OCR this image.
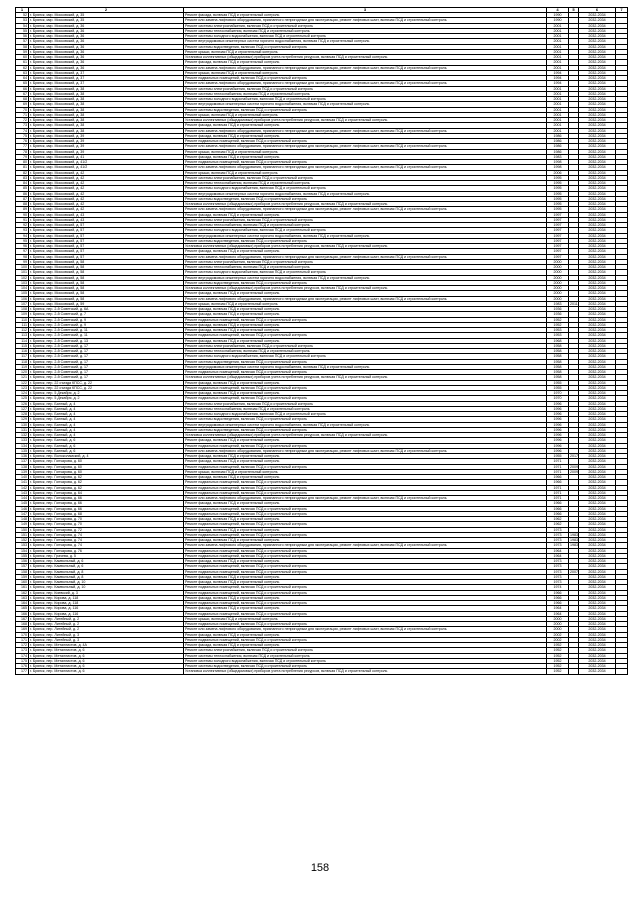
1	2	3	4	5	6	7
52	г. Брянск, мкр. Московский, д. 35	Ремонт фасада, включая ПСД и строительный контроль	1990		2032-2034	
53	г. Брянск, мкр. Московский, д. 35	Ремонт или замена лифтового оборудования, признанного непригодным для эксплуатации, ремонт лифтовых шахт, включая ПСД и строительный контроль	1990		2032-2034	
54	г. Брянск, мкр. Московский, д. 36	Ремонт системы электроснабжения, включая ПСД и строительный контроль	2001		2032-2034	
55	г. Брянск, мкр. Московский, д. 36	Ремонт системы теплоснабжения, включая ПСД и строительный контроль	2001		2032-2034	
56	г. Брянск, мкр. Московский, д. 36	Ремонт системы холодного водоснабжения, включая ПСД и строительный контроль	2001		2032-2034	
57	г. Брянск, мкр. Московский, д. 36	Ремонт внутридомовых инженерных систем горячего водоснабжения, включая ПСД и строительный контроль	2001		2032-2034	
58	г. Брянск, мкр. Московский, д. 36	Ремонт системы водоотведения, включая ПСД и строительный контроль	2001		2032-2034	
59	г. Брянск, мкр. Московский, д. 36	Ремонт крыши, включая ПСД и строительный контроль	2001		2032-2034	
60	г. Брянск, мкр. Московский, д. 36	Установка коллективных (общедомовых) приборов учета потребления ресурсов, включая ПСД и строительный контроль	2001		2032-2034	
61	г. Брянск, мкр. Московский, д. 36	Ремонт фасада, включая ПСД и строительный контроль	2001		2032-2034	
62	г. Брянск, мкр. Московский, д. 36	Ремонт или замена лифтового оборудования, признанного непригодным для эксплуатации, ремонт лифтовых шахт, включая ПСД и строительный контроль	2001		2032-2034	
63	г. Брянск, мкр. Московский, д. 37	Ремонт крыши, включая ПСД и строительный контроль	1994		2032-2034	
64	г. Брянск, мкр. Московский, д. 37	Ремонт подвальных помещений, включая ПСД и строительный контроль	1994		2032-2034	
65	г. Брянск, мкр. Московский, д. 37	Ремонт или замена лифтового оборудования, признанного непригодным для эксплуатации, ремонт лифтовых шахт, включая ПСД и строительный контроль	1994		2032-2034	
66	г. Брянск, мкр. Московский, д. 38	Ремонт системы электроснабжения, включая ПСД и строительный контроль	2001		2032-2034	
67	г. Брянск, мкр. Московский, д. 38	Ремонт системы теплоснабжения, включая ПСД и строительный контроль	2001		2032-2034	
68	г. Брянск, мкр. Московский, д. 38	Ремонт системы холодного водоснабжения, включая ПСД и строительный контроль	2001		2032-2034	
69	г. Брянск, мкр. Московский, д. 38	Ремонт внутридомовых инженерных систем горячего водоснабжения, включая ПСД и строительный контроль	2001		2032-2034	
70	г. Брянск, мкр. Московский, д. 38	Ремонт системы водоотведения, включая ПСД и строительный контроль	2001		2032-2034	
71	г. Брянск, мкр. Московский, д. 38	Ремонт крыши, включая ПСД и строительный контроль	2001		2032-2034	
72	г. Брянск, мкр. Московский, д. 38	Установка коллективных (общедомовых) приборов учета потребления ресурсов, включая ПСД и строительный контроль	2001		2032-2034	
73	г. Брянск, мкр. Московский, д. 38	Ремонт фасада, включая ПСД и строительный контроль	2001		2032-2034	
74	г. Брянск, мкр. Московский, д. 38	Ремонт или замена лифтового оборудования, признанного непригодным для эксплуатации, ремонт лифтовых шахт, включая ПСД и строительный контроль	2001		2032-2034	
75	г. Брянск, мкр. Московский, д. 39	Ремонт фасада, включая ПСД и строительный контроль	1986		2032-2034	
76	г. Брянск, мкр. Московский, д. 39	Ремонт подвальных помещений, включая ПСД и строительный контроль	1986		2032-2034	
77	г. Брянск, мкр. Московский, д. 39	Ремонт или замена лифтового оборудования, признанного непригодным для эксплуатации, ремонт лифтовых шахт, включая ПСД и строительный контроль	1986		2032-2034	
78	г. Брянск, мкр. Московский, д. 39	Ремонт крыши, включая ПСД и строительный контроль	1986		2032-2034	
79	г. Брянск, мкр. Московский, д. 41	Ремонт фасада, включая ПСД и строительный контроль	1983		2032-2034	
80	г. Брянск, мкр. Московский, д. 41/2	Ремонт подвальных помещений, включая ПСД и строительный контроль	1998		2032-2034	
81	г. Брянск, мкр. Московский, д. 41/2	Ремонт или замена лифтового оборудования, признанного непригодным для эксплуатации, ремонт лифтовых шахт, включая ПСД и строительный контроль	1998		2032-2034	
82	г. Брянск, мкр. Московский, д. 42	Ремонт крыши, включая ПСД и строительный контроль	2006		2032-2034	
83	г. Брянск, мкр. Московский, д. 42	Ремонт системы электроснабжения, включая ПСД и строительный контроль	1995		2032-2034	
84	г. Брянск, мкр. Московский, д. 42	Ремонт системы теплоснабжения, включая ПСД и строительный контроль	1995		2032-2034	
85	г. Брянск, мкр. Московский, д. 42	Ремонт системы холодного водоснабжения, включая ПСД и строительный контроль	1995		2032-2034	
86	г. Брянск, мкр. Московский, д. 42	Ремонт внутридомовых инженерных систем горячего водоснабжения, включая ПСД и строительный контроль	1995		2032-2034	
87	г. Брянск, мкр. Московский, д. 42	Ремонт системы водоотведения, включая ПСД и строительный контроль	1995		2032-2034	
88	г. Брянск, мкр. Московский, д. 42	Установка коллективных (общедомовых) приборов учета потребления ресурсов, включая ПСД и строительный контроль	1995		2032-2034	
89	г. Брянск, мкр. Московский, д. 42	Ремонт или замена лифтового оборудования, признанного непригодным для эксплуатации, ремонт лифтовых шахт, включая ПСД и строительный контроль	1995		2032-2034	
90	г. Брянск, мкр. Московский, д. 43	Ремонт фасада, включая ПСД и строительный контроль	1997		2032-2034	
91	г. Брянск, мкр. Московский, д. 43	Ремонт системы электроснабжения, включая ПСД и строительный контроль	1997		2032-2034	
92	г. Брянск, мкр. Московский, д. 57	Ремонт системы теплоснабжения, включая ПСД и строительный контроль	1997		2032-2034	
93	г. Брянск, мкр. Московский, д. 57	Ремонт системы холодного водоснабжения, включая ПСД и строительный контроль	1997		2032-2034	
94	г. Брянск, мкр. Московский, д. 57	Ремонт внутридомовых инженерных систем горячего водоснабжения, включая ПСД и строительный контроль	1997		2032-2034	
95	г. Брянск, мкр. Московский, д. 57	Ремонт системы водоотведения, включая ПСД и строительный контроль	1997		2032-2034	
96	г. Брянск, мкр. Московский, д. 57	Установка коллективных (общедомовых) приборов учета потребления ресурсов, включая ПСД и строительный контроль	1997		2032-2034	
97	г. Брянск, мкр. Московский, д. 57	Ремонт фасада, включая ПСД и строительный контроль	1997		2032-2034	
98	г. Брянск, мкр. Московский, д. 57	Ремонт или замена лифтового оборудования, признанного непригодным для эксплуатации, ремонт лифтовых шахт, включая ПСД и строительный контроль	1997		2032-2034	
99	г. Брянск, мкр. Московский, д. 58	Ремонт системы электроснабжения, включая ПСД и строительный контроль	2000		2032-2034	
100	г. Брянск, мкр. Московский, д. 58	Ремонт системы теплоснабжения, включая ПСД и строительный контроль	2000		2032-2034	
101	г. Брянск, мкр. Московский, д. 58	Ремонт системы холодного водоснабжения, включая ПСД и строительный контроль	2000		2032-2034	
102	г. Брянск, мкр. Московский, д. 58	Ремонт внутридомовых инженерных систем горячего водоснабжения, включая ПСД и строительный контроль	2000		2032-2034	
103	г. Брянск, мкр. Московский, д. 58	Ремонт системы водоотведения, включая ПСД и строительный контроль	2000		2032-2034	
104	г. Брянск, мкр. Московский, д. 58	Установка коллективных (общедомовых) приборов учета потребления ресурсов, включая ПСД и строительный контроль	2000		2032-2034	
105	г. Брянск, мкр. Московский, д. 58	Ремонт фасада, включая ПСД и строительный контроль	2000		2032-2034	
106	г. Брянск, мкр. Московский, д. 58	Ремонт или замена лифтового оборудования, признанного непригодным для эксплуатации, ремонт лифтовых шахт, включая ПСД и строительный контроль	2000		2032-2034	
107	г. Брянск, мкр. Московский, д. 59	Ремонт крыши, включая ПСД и строительный контроль	1983	2011	2032-2034	
108	г. Брянск, пер. 2-й Советский, д. 6А	Ремонт фасада, включая ПСД и строительный контроль	1936		2032-2034	
109	г. Брянск, пер. 2-й Советский, д. 7	Ремонт фасада, включая ПСД и строительный контроль	1936		2032-2034	
110	г. Брянск, пер. 2-й Советский, д. 9	Ремонт подвальных помещений, включая ПСД и строительный контроль	1952		2032-2034	
111	г. Брянск, пер. 2-й Советский, д. 9	Ремонт фасада, включая ПСД и строительный контроль	1952		2032-2034	
112	г. Брянск, пер. 2-й Советский, д. 11	Ремонт фасада, включая ПСД и строительный контроль	1953		2032-2034	
113	г. Брянск, пер. 2-й Советский, д. 11	Ремонт подвальных помещений, включая ПСД и строительный контроль	1953		2032-2034	
114	г. Брянск, пер. 2-й Советский, д. 13	Ремонт фасада, включая ПСД и строительный контроль	1968		2032-2034	
115	г. Брянск, пер. 2-й Советский, д. 17	Ремонт системы электроснабжения, включая ПСД и строительный контроль	1958		2032-2034	
116	г. Брянск, пер. 2-й Советский, д. 17	Ремонт системы теплоснабжения, включая ПСД и строительный контроль	1958		2032-2034	
117	г. Брянск, пер. 2-й Советский, д. 17	Ремонт системы холодного водоснабжения, включая ПСД и строительный контроль	1958		2032-2034	
118	г. Брянск, пер. 2-й Советский, д. 17	Ремонт системы водоотведения, включая ПСД и строительный контроль	1958		2032-2034	
119	г. Брянск, пер. 2-й Советский, д. 17	Ремонт внутридомовых инженерных систем горячего водоснабжения, включая ПСД и строительный контроль	1958		2032-2034	
120	г. Брянск, пер. 2-й Советский, д. 17	Ремонт подвальных помещений, включая ПСД и строительный контроль	1958		2032-2034	
121	г. Брянск, пер. 2-й Советский, д. 17	Установка коллективных (общедомовых) приборов учета потребления ресурсов, включая ПСД и строительный контроль	1958		2032-2034	
122	г. Брянск, пер. 22 съезда КПСС, д. 22	Ремонт фасада, включая ПСД и строительный контроль	1955		2032-2034	
123	г. Брянск, пер. 22 съезда КПСС, д. 22	Ремонт подвальных помещений, включая ПСД и строительный контроль	1955		2032-2034	
124	г. Брянск, пер. 5 Декабря, д. 2	Ремонт фасада, включая ПСД и строительный контроль	1970		2032-2034	
125	г. Брянск, пер. 5 Декабря, д. 2	Ремонт подвальных помещений, включая ПСД и строительный контроль	1970		2032-2034	
126	г. Брянск, пер. Банный, д. 4	Ремонт системы электроснабжения, включая ПСД и строительный контроль	1996		2032-2034	
127	г. Брянск, пер. Банный, д. 4	Ремонт системы теплоснабжения, включая ПСД и строительный контроль	1996		2032-2034	
128	г. Брянск, пер. Банный, д. 4	Ремонт системы холодного водоснабжения, включая ПСД и строительный контроль	1996		2032-2034	
129	г. Брянск, пер. Банный, д. 4	Ремонт системы водоотведения, включая ПСД и строительный контроль	1996		2032-2034	
130	г. Брянск, пер. Банный, д. 4	Ремонт внутридомовых инженерных систем горячего водоснабжения, включая ПСД и строительный контроль	1996		2032-2034	
131	г. Брянск, пер. Банный, д. 4	Ремонт системы водоотведения, включая ПСД и строительный контроль	1996		2032-2034	
132	г. Брянск, пер. Банный, д. 4	Установка коллективных (общедомовых) приборов учета потребления ресурсов, включая ПСД и строительный контроль	1996		2032-2034	
133	г. Брянск, пер. Банный, д. 6	Ремонт фасада, включая ПСД и строительный контроль	1996		2032-2034	
134	г. Брянск, пер. Банный, д. 6	Ремонт подвальных помещений, включая ПСД и строительный контроль	1996		2032-2034	
135	г. Брянск, пер. Банный, д. 6	Ремонт или замена лифтового оборудования, признанного непригодным для эксплуатации, ремонт лифтовых шахт, включая ПСД и строительный контроль	1996		2032-2034	
136	г. Брянск, пер. Волоколамский, д. 4	Ремонт фасада, включая ПСД и строительный контроль	1955	2017	2032-2034	
137	г. Брянск, пер. Гончарова, д. 60	Ремонт фасада, включая ПСД и строительный контроль	1971		2032-2034	
138	г. Брянск, пер. Гончарова, д. 60	Ремонт подвальных помещений, включая ПСД и строительный контроль	1971	2009	2032-2034	
139	г. Брянск, пер. Гончарова, д. 60	Ремонт крыши, включая ПСД и строительный контроль	1971	2009	2032-2034	
140	г. Брянск, пер. Гончарова, д. 62	Ремонт фасада, включая ПСД и строительный контроль	1966		2032-2034	
141	г. Брянск, пер. Гончарова, д. 62	Ремонт подвальных помещений, включая ПСД и строительный контроль	1966		2032-2034	
142	г. Брянск, пер. Гончарова, д. 62	Ремонт подвальных помещений, включая ПСД и строительный контроль	1971		2032-2034	
143	г. Брянск, пер. Гончарова, д. 64	Ремонт подвальных помещений, включая ПСД и строительный контроль	1971		2032-2034	
144	г. Брянск, пер. Гончарова, д. 66	Ремонт или замена лифтового оборудования, признанного непригодным для эксплуатации, ремонт лифтовых шахт, включая ПСД и строительный контроль	1971		2032-2034	
145	г. Брянск, пер. Гончарова, д. 66	Ремонт фасада, включая ПСД и строительный контроль	1966		2032-2034	
146	г. Брянск, пер. Гончарова, д. 66	Ремонт подвальных помещений, включая ПСД и строительный контроль	1966		2032-2034	
147	г. Брянск, пер. Гончарова, д. 68	Ремонт подвальных помещений, включая ПСД и строительный контроль	1966		2032-2034	
148	г. Брянск, пер. Гончарова, д. 70	Ремонт фасада, включая ПСД и строительный контроль	1962		2032-2034	
149	г. Брянск, пер. Гончарова, д. 70	Ремонт подвальных помещений, включая ПСД и строительный контроль	1962		2032-2034	
150	г. Брянск, пер. Гончарова, д. 72	Ремонт фасада, включая ПСД и строительный контроль	1973		2032-2034	
151	г. Брянск, пер. Гончарова, д. 74	Ремонт подвальных помещений, включая ПСД и строительный контроль	1973	1983	2032-2034	
152	г. Брянск, пер. Гончарова, д. 74	Ремонт фасада, включая ПСД и строительный контроль	1973	1983	2032-2034	
153	г. Брянск, пер. Гончарова, д. 74	Ремонт или замена лифтового оборудования, признанного непригодным для эксплуатации, ремонт лифтовых шахт, включая ПСД и строительный контроль	1973	1983	2032-2034	
154	г. Брянск, пер. Гончарова, д. 76	Ремонт подвальных помещений, включая ПСД и строительный контроль	1964		2032-2034	
155	г. Брянск, пер. Грачева, д. 5	Ремонт подвальных помещений, включая ПСД и строительный контроль	1964		2032-2034	
156	г. Брянск, пер. Камвольный, д. 6	Ремонт фасада, включая ПСД и строительный контроль	1973		2032-2034	
157	г. Брянск, пер. Камвольный, д. 6	Ремонт подвальных помещений, включая ПСД и строительный контроль	1973		2032-2034	
158	г. Брянск, пер. Камвольный, д. 8	Ремонт подвальных помещений, включая ПСД и строительный контроль	1973	2007	2032-2034	
159	г. Брянск, пер. Камвольный, д. 8	Ремонт фасада, включая ПСД и строительный контроль	1973		2032-2034	
160	г. Брянск, пер. Камвольный, д. 10	Ремонт фасада, включая ПСД и строительный контроль	1973		2032-2034	
161	г. Брянск, пер. Камвольный, д. 10	Ремонт подвальных помещений, включая ПСД и строительный контроль	1974		2032-2034	
162	г. Брянск, пер. Киевский, д. 3	Ремонт подвальных помещений, включая ПСД и строительный контроль	1966		2032-2034	
163	г. Брянск, пер. Кирова, д. 118	Ремонт фасада, включая ПСД и строительный контроль	1966		2032-2034	
164	г. Брянск, пер. Кирова, д. 118	Ремонт подвальных помещений, включая ПСД и строительный контроль	1966		2032-2034	
165	г. Брянск, пер. Кирова, д. 116	Ремонт фасада, включая ПСД и строительный контроль	1964		2032-2034	
166	г. Брянск, пер. Кирова, д. 116	Ремонт подвальных помещений, включая ПСД и строительный контроль	1964		2032-2034	
167	г. Брянск, пер. Литейный, д. 2	Ремонт крыши, включая ПСД и строительный контроль	2000		2032-2034	
168	г. Брянск, пер. Литейный, д. 2	Ремонт подвальных помещений, включая ПСД и строительный контроль	2000		2032-2034	
169	г. Брянск, пер. Литейный, д. 2	Ремонт или замена лифтового оборудования, признанного непригодным для эксплуатации, ремонт лифтовых шахт, включая ПСД и строительный контроль	2000		2032-2034	
170	г. Брянск, пер. Литейный, д. 3	Ремонт фасада, включая ПСД и строительный контроль	2002		2032-2034	
171	г. Брянск, пер. Литейный, д. 3	Ремонт подвальных помещений, включая ПСД и строительный контроль	2002		2032-2034	
172	г. Брянск, пер. Металлистов, д. 4А	Ремонт фасада, включая ПСД и строительный контроль	1952		2032-2034	
173	г. Брянск, пер. Металлистов, д. 6	Ремонт системы электроснабжения, включая ПСД и строительный контроль	1952		2032-2034	
174	г. Брянск, пер. Металлистов, д. 6	Ремонт системы теплоснабжения, включая ПСД и строительный контроль	1952		2032-2034	
175	г. Брянск, пер. Металлистов, д. 6	Ремонт системы холодного водоснабжения, включая ПСД и строительный контроль	1952		2032-2034	
176	г. Брянск, пер. Металлистов, д. 6	Ремонт системы водоотведения, включая ПСД и строительный контроль	1952		2032-2034	
177	г. Брянск, пер. Металлистов, д. 6	Установка коллективных (общедомовых) приборов учета потребления ресурсов, включая ПСД и строительный контроль	1952		2032-2034	
158
